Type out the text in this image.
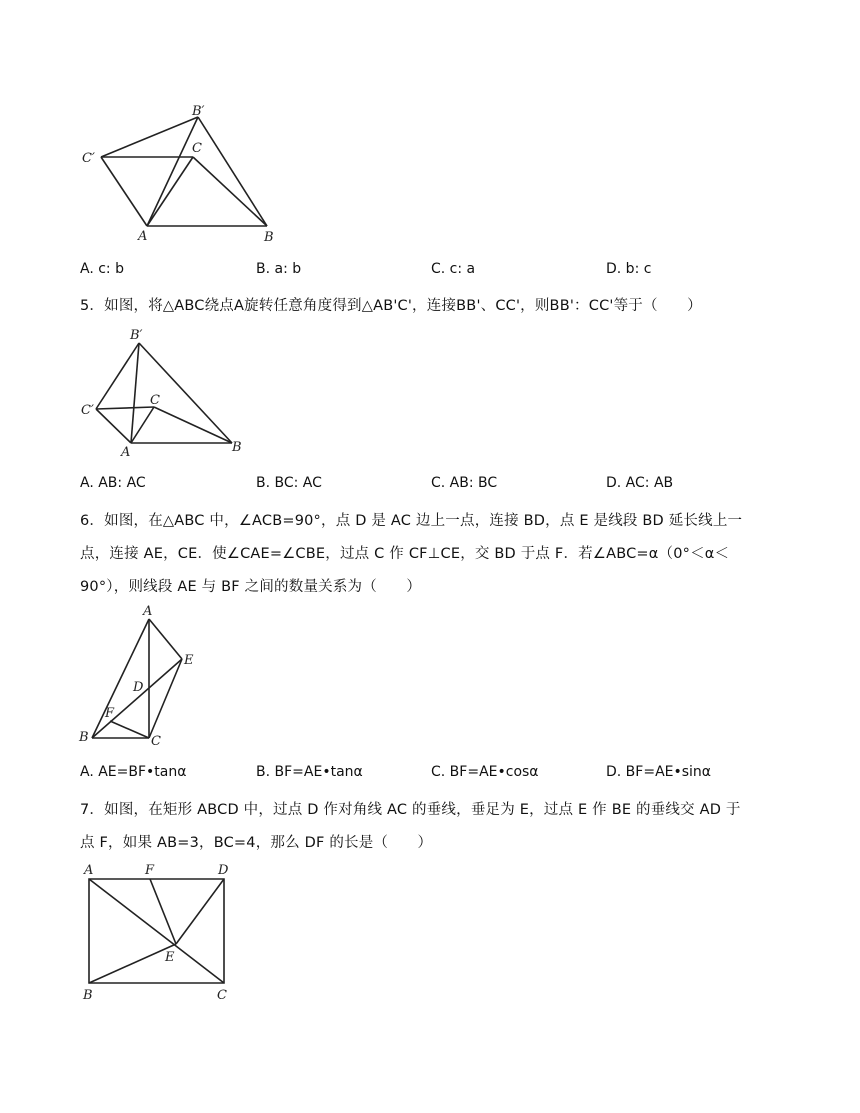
C′
B′
C
A	B
A. c: b	B. a: b	C. c: a	D. b: c
5．如图，将△ABC绕点A旋转任意角度得到△AB'C'，连接BB'、CC'，则BB'：CC'等于（　　）
B′
C′
C
A	B
A. AB: AC	B. BC: AC	C. AB: BC	D. AC: AB
6．如图，在△ABC 中，∠ACB=90°，点 D 是 AC 边上一点，连接 BD，点 E 是线段 BD 延长线上一
点，连接 AE，CE．使∠CAE=∠CBE，过点 C 作 CF⊥CE，交 BD 于点 F．若∠ABC=α（0°＜α＜
90°），则线段 AE 与 BF 之间的数量关系为（　　）
A
E
D
F
B	C
A. AE=BF•tanα	B. BF=AE•tanα	C. BF=AE•cosα	D. BF=AE•sinα
7．如图，在矩形 ABCD 中，过点 D 作对角线 AC 的垂线，垂足为 E，过点 E 作 BE 的垂线交 AD 于
点 F，如果 AB=3，BC=4，那么 DF 的长是（　　）
A	F	D
E
B	C
